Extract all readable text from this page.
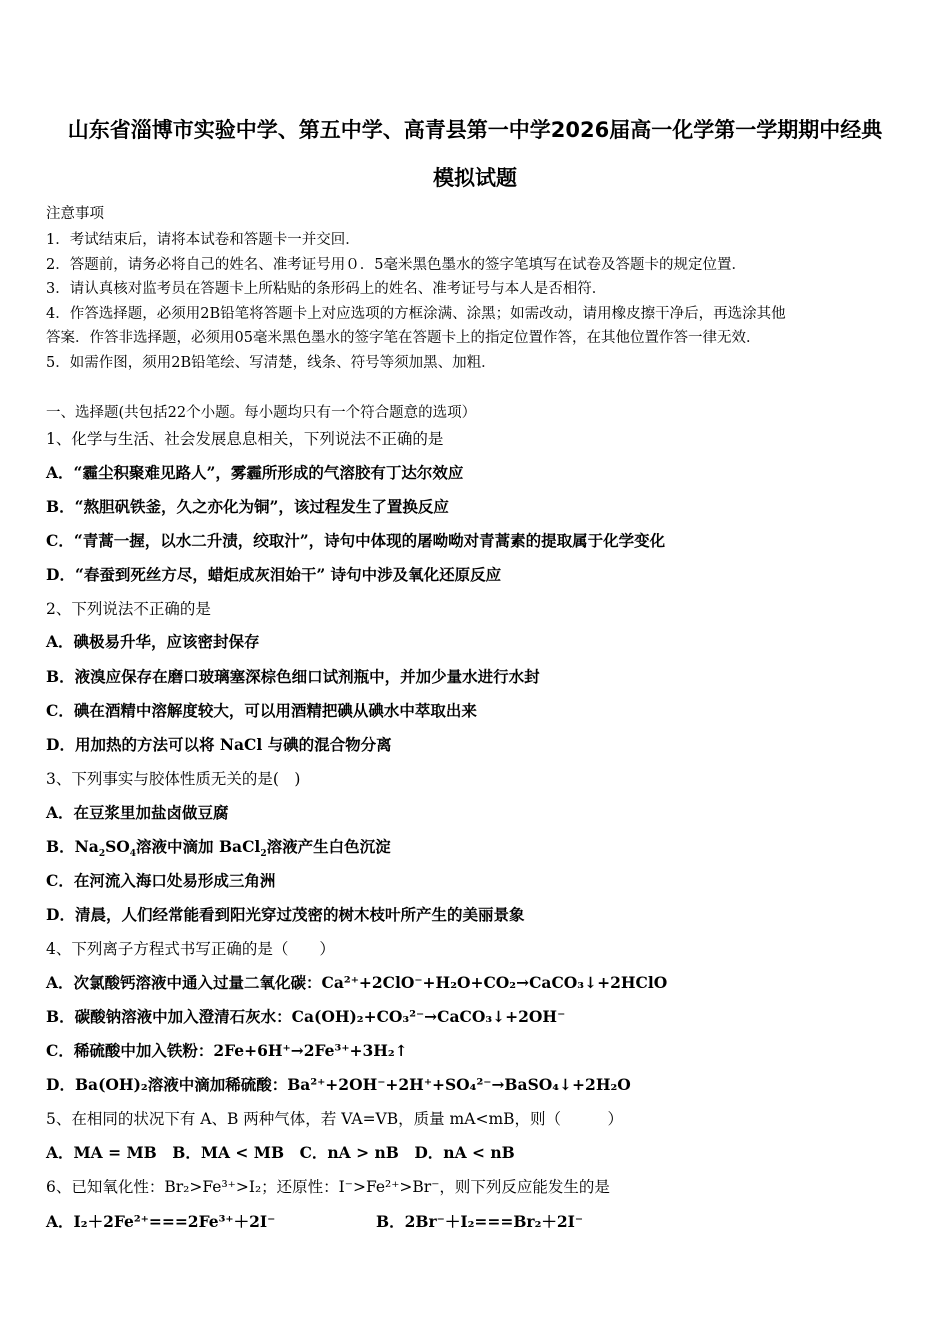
山东省淄博市实验中学、第五中学、高青县第一中学2026届高一化学第一学期期中经典
模拟试题
注意事项
1．考试结束后，请将本试卷和答题卡一并交回．
2．答题前，请务必将自己的姓名、准考证号用０．5毫米黑色墨水的签字笔填写在试卷及答题卡的规定位置．
3．请认真核对监考员在答题卡上所粘贴的条形码上的姓名、准考证号与本人是否相符．
4．作答选择题，必须用2B铅笔将答题卡上对应选项的方框涂满、涂黑；如需改动，请用橡皮擦干净后，再选涂其他
答案．作答非选择题，必须用05毫米黑色墨水的签字笔在答题卡上的指定位置作答，在其他位置作答一律无效．
5．如需作图，须用2B铅笔绘、写清楚，线条、符号等须加黑、加粗．
一、选择题(共包括22个小题。每小题均只有一个符合题意的选项）
1、化学与生活、社会发展息息相关，下列说法不正确的是
A．“霾尘积聚难见路人”，雾霾所形成的气溶胶有丁达尔效应
B．“熬胆矾铁釜，久之亦化为铜”，该过程发生了置换反应
C．“青蒿一握，以水二升渍，绞取汁”，诗句中体现的屠呦呦对青蒿素的提取属于化学变化
D．“春蚕到死丝方尽，蜡炬成灰泪始干” 诗句中涉及氧化还原反应
2、下列说法不正确的是
A．碘极易升华，应该密封保存
B．液溴应保存在磨口玻璃塞深棕色细口试剂瓶中，并加少量水进行水封
C．碘在酒精中溶解度较大，可以用酒精把碘从碘水中萃取出来
D．用加热的方法可以将 NaCl 与碘的混合物分离
3、下列事实与胶体性质无关的是(　)
A．在豆浆里加盐卤做豆腐
B．$Na_2SO_4$溶液中滴加 BaCl$_2$溶液产生白色沉淀
C．在河流入海口处易形成三角洲
D．清晨，人们经常能看到阳光穿过茂密的树木枝叶所产生的美丽景象
4、下列离子方程式书写正确的是（　　）
A．次氯酸钙溶液中通入过量二氧化碳：Ca²⁺+2ClO⁻+H₂O+CO₂→CaCO₃↓+2HClO
B．碳酸钠溶液中加入澄清石灰水：Ca(OH)₂+CO₃²⁻→CaCO₃↓+2OH⁻
C．稀硫酸中加入铁粉：2Fe+6H⁺→2Fe³⁺+3H₂↑
D．Ba(OH)₂溶液中滴加稀硫酸：Ba²⁺+2OH⁻+2H⁺+SO₄²⁻→BaSO₄↓+2H₂O
5、在相同的状况下有 A、B 两种气体，若 VA=VB，质量 mA<mB，则（　　　）
A．MA = MB　B．MA < MB　C．nA > nB　D．nA < nB
6、已知氧化性：Br₂>Fe³⁺>I₂；还原性：I⁻>Fe²⁺>Br⁻，则下列反应能发生的是
A．I₂＋2Fe²⁺===2Fe³⁺＋2I⁻	B．2Br⁻＋I₂===Br₂＋2I⁻
